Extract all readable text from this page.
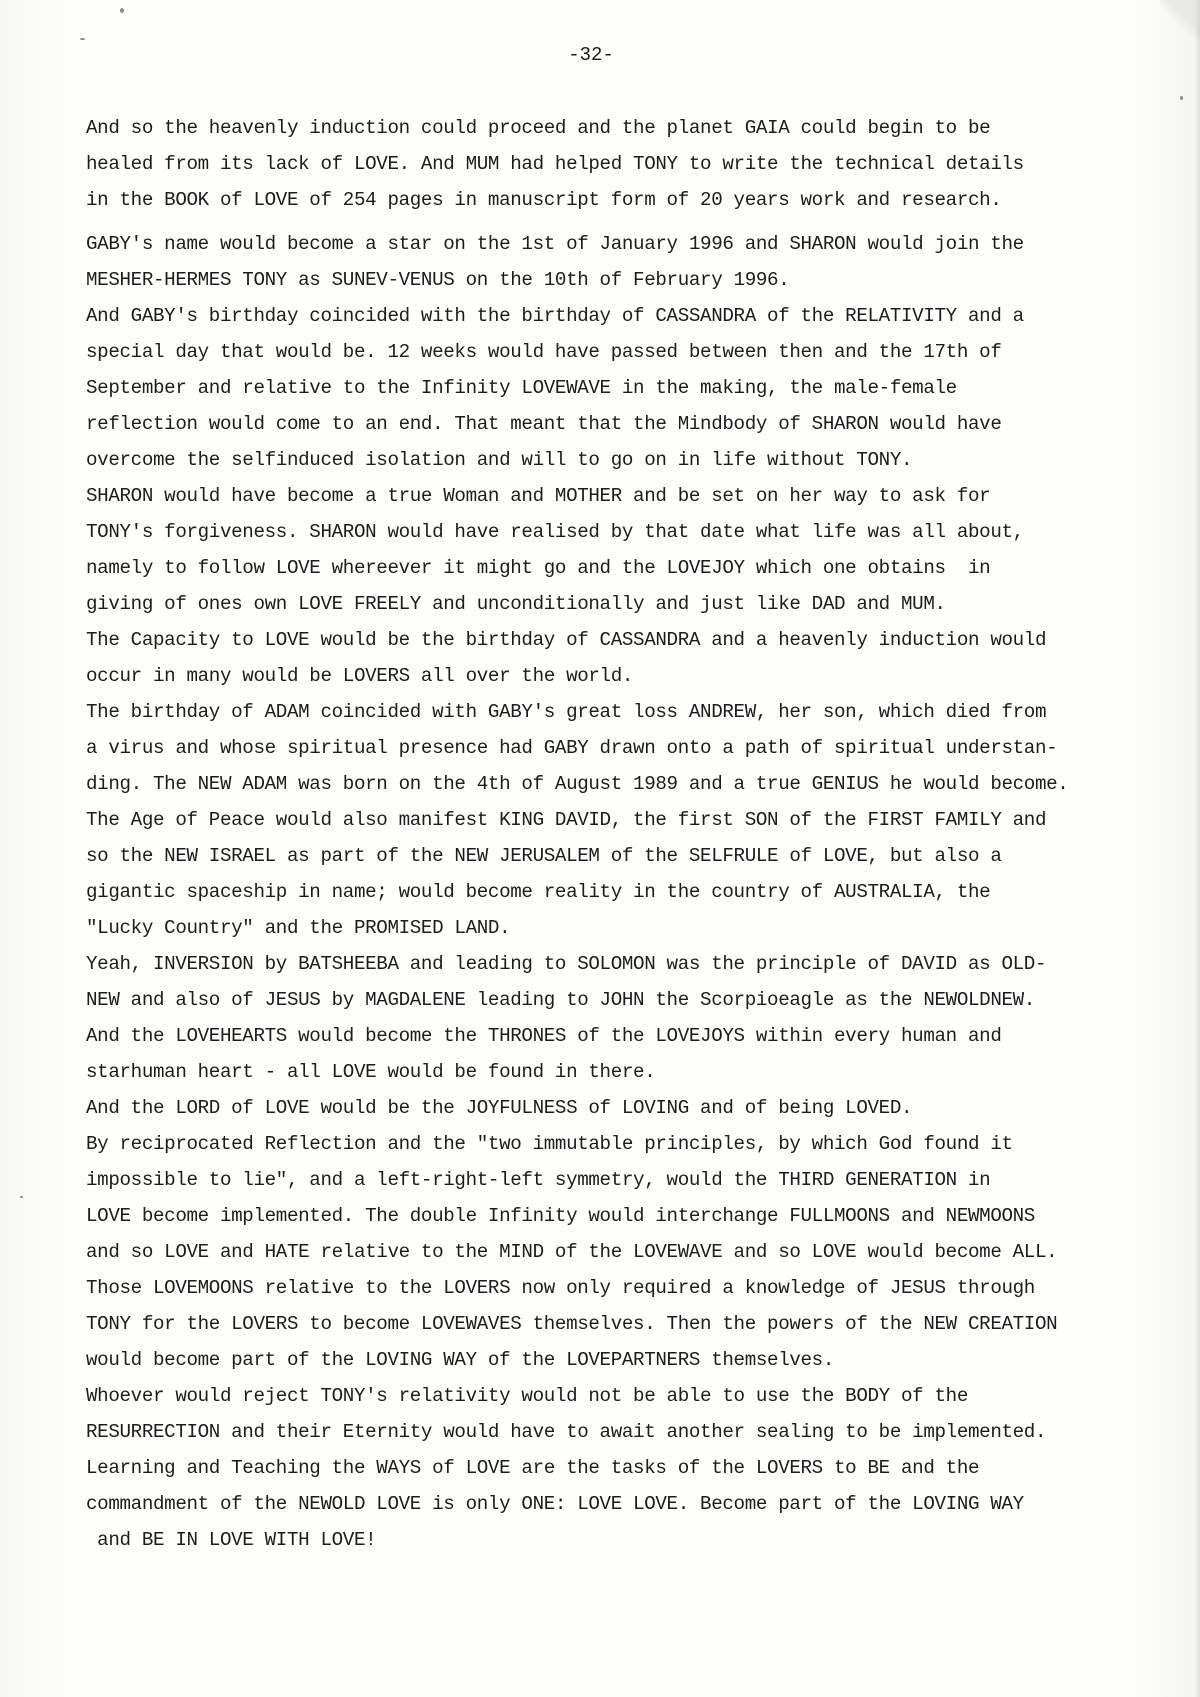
-32-
And so the heavenly induction could proceed and the planet GAIA could begin to be
healed from its lack of LOVE. And MUM had helped TONY to write the technical details
in the BOOK of LOVE of 254 pages in manuscript form of 20 years work and research.
GABY's name would become a star on the 1st of January 1996 and SHARON would join the
MESHER-HERMES TONY as SUNEV-VENUS on the 10th of February 1996.
And GABY's birthday coincided with the birthday of CASSANDRA of the RELATIVITY and a
special day that would be. 12 weeks would have passed between then and the 17th of
September and relative to the Infinity LOVEWAVE in the making, the male-female
reflection would come to an end. That meant that the Mindbody of SHARON would have
overcome the selfinduced isolation and will to go on in life without TONY.
SHARON would have become a true Woman and MOTHER and be set on her way to ask for
TONY's forgiveness. SHARON would have realised by that date what life was all about,
namely to follow LOVE whereever it might go and the LOVEJOY which one obtains  in
giving of ones own LOVE FREELY and unconditionally and just like DAD and MUM.
The Capacity to LOVE would be the birthday of CASSANDRA and a heavenly induction would
occur in many would be LOVERS all over the world.
The birthday of ADAM coincided with GABY's great loss ANDREW, her son, which died from
a virus and whose spiritual presence had GABY drawn onto a path of spiritual understan-
ding. The NEW ADAM was born on the 4th of August 1989 and a true GENIUS he would become.
The Age of Peace would also manifest KING DAVID, the first SON of the FIRST FAMILY and
so the NEW ISRAEL as part of the NEW JERUSALEM of the SELFRULE of LOVE, but also a
gigantic spaceship in name; would become reality in the country of AUSTRALIA, the
"Lucky Country" and the PROMISED LAND.
Yeah, INVERSION by BATSHEEBA and leading to SOLOMON was the principle of DAVID as OLD-
NEW and also of JESUS by MAGDALENE leading to JOHN the Scorpioeagle as the NEWOLDNEW.
And the LOVEHEARTS would become the THRONES of the LOVEJOYS within every human and
starhuman heart - all LOVE would be found in there.
And the LORD of LOVE would be the JOYFULNESS of LOVING and of being LOVED.
By reciprocated Reflection and the "two immutable principles, by which God found it
impossible to lie", and a left-right-left symmetry, would the THIRD GENERATION in
LOVE become implemented. The double Infinity would interchange FULLMOONS and NEWMOONS
and so LOVE and HATE relative to the MIND of the LOVEWAVE and so LOVE would become ALL.
Those LOVEMOONS relative to the LOVERS now only required a knowledge of JESUS through
TONY for the LOVERS to become LOVEWAVES themselves. Then the powers of the NEW CREATION
would become part of the LOVING WAY of the LOVEPARTNERS themselves.
Whoever would reject TONY's relativity would not be able to use the BODY of the
RESURRECTION and their Eternity would have to await another sealing to be implemented.
Learning and Teaching the WAYS of LOVE are the tasks of the LOVERS to BE and the
commandment of the NEWOLD LOVE is only ONE: LOVE LOVE. Become part of the LOVING WAY
and BE IN LOVE WITH LOVE!
